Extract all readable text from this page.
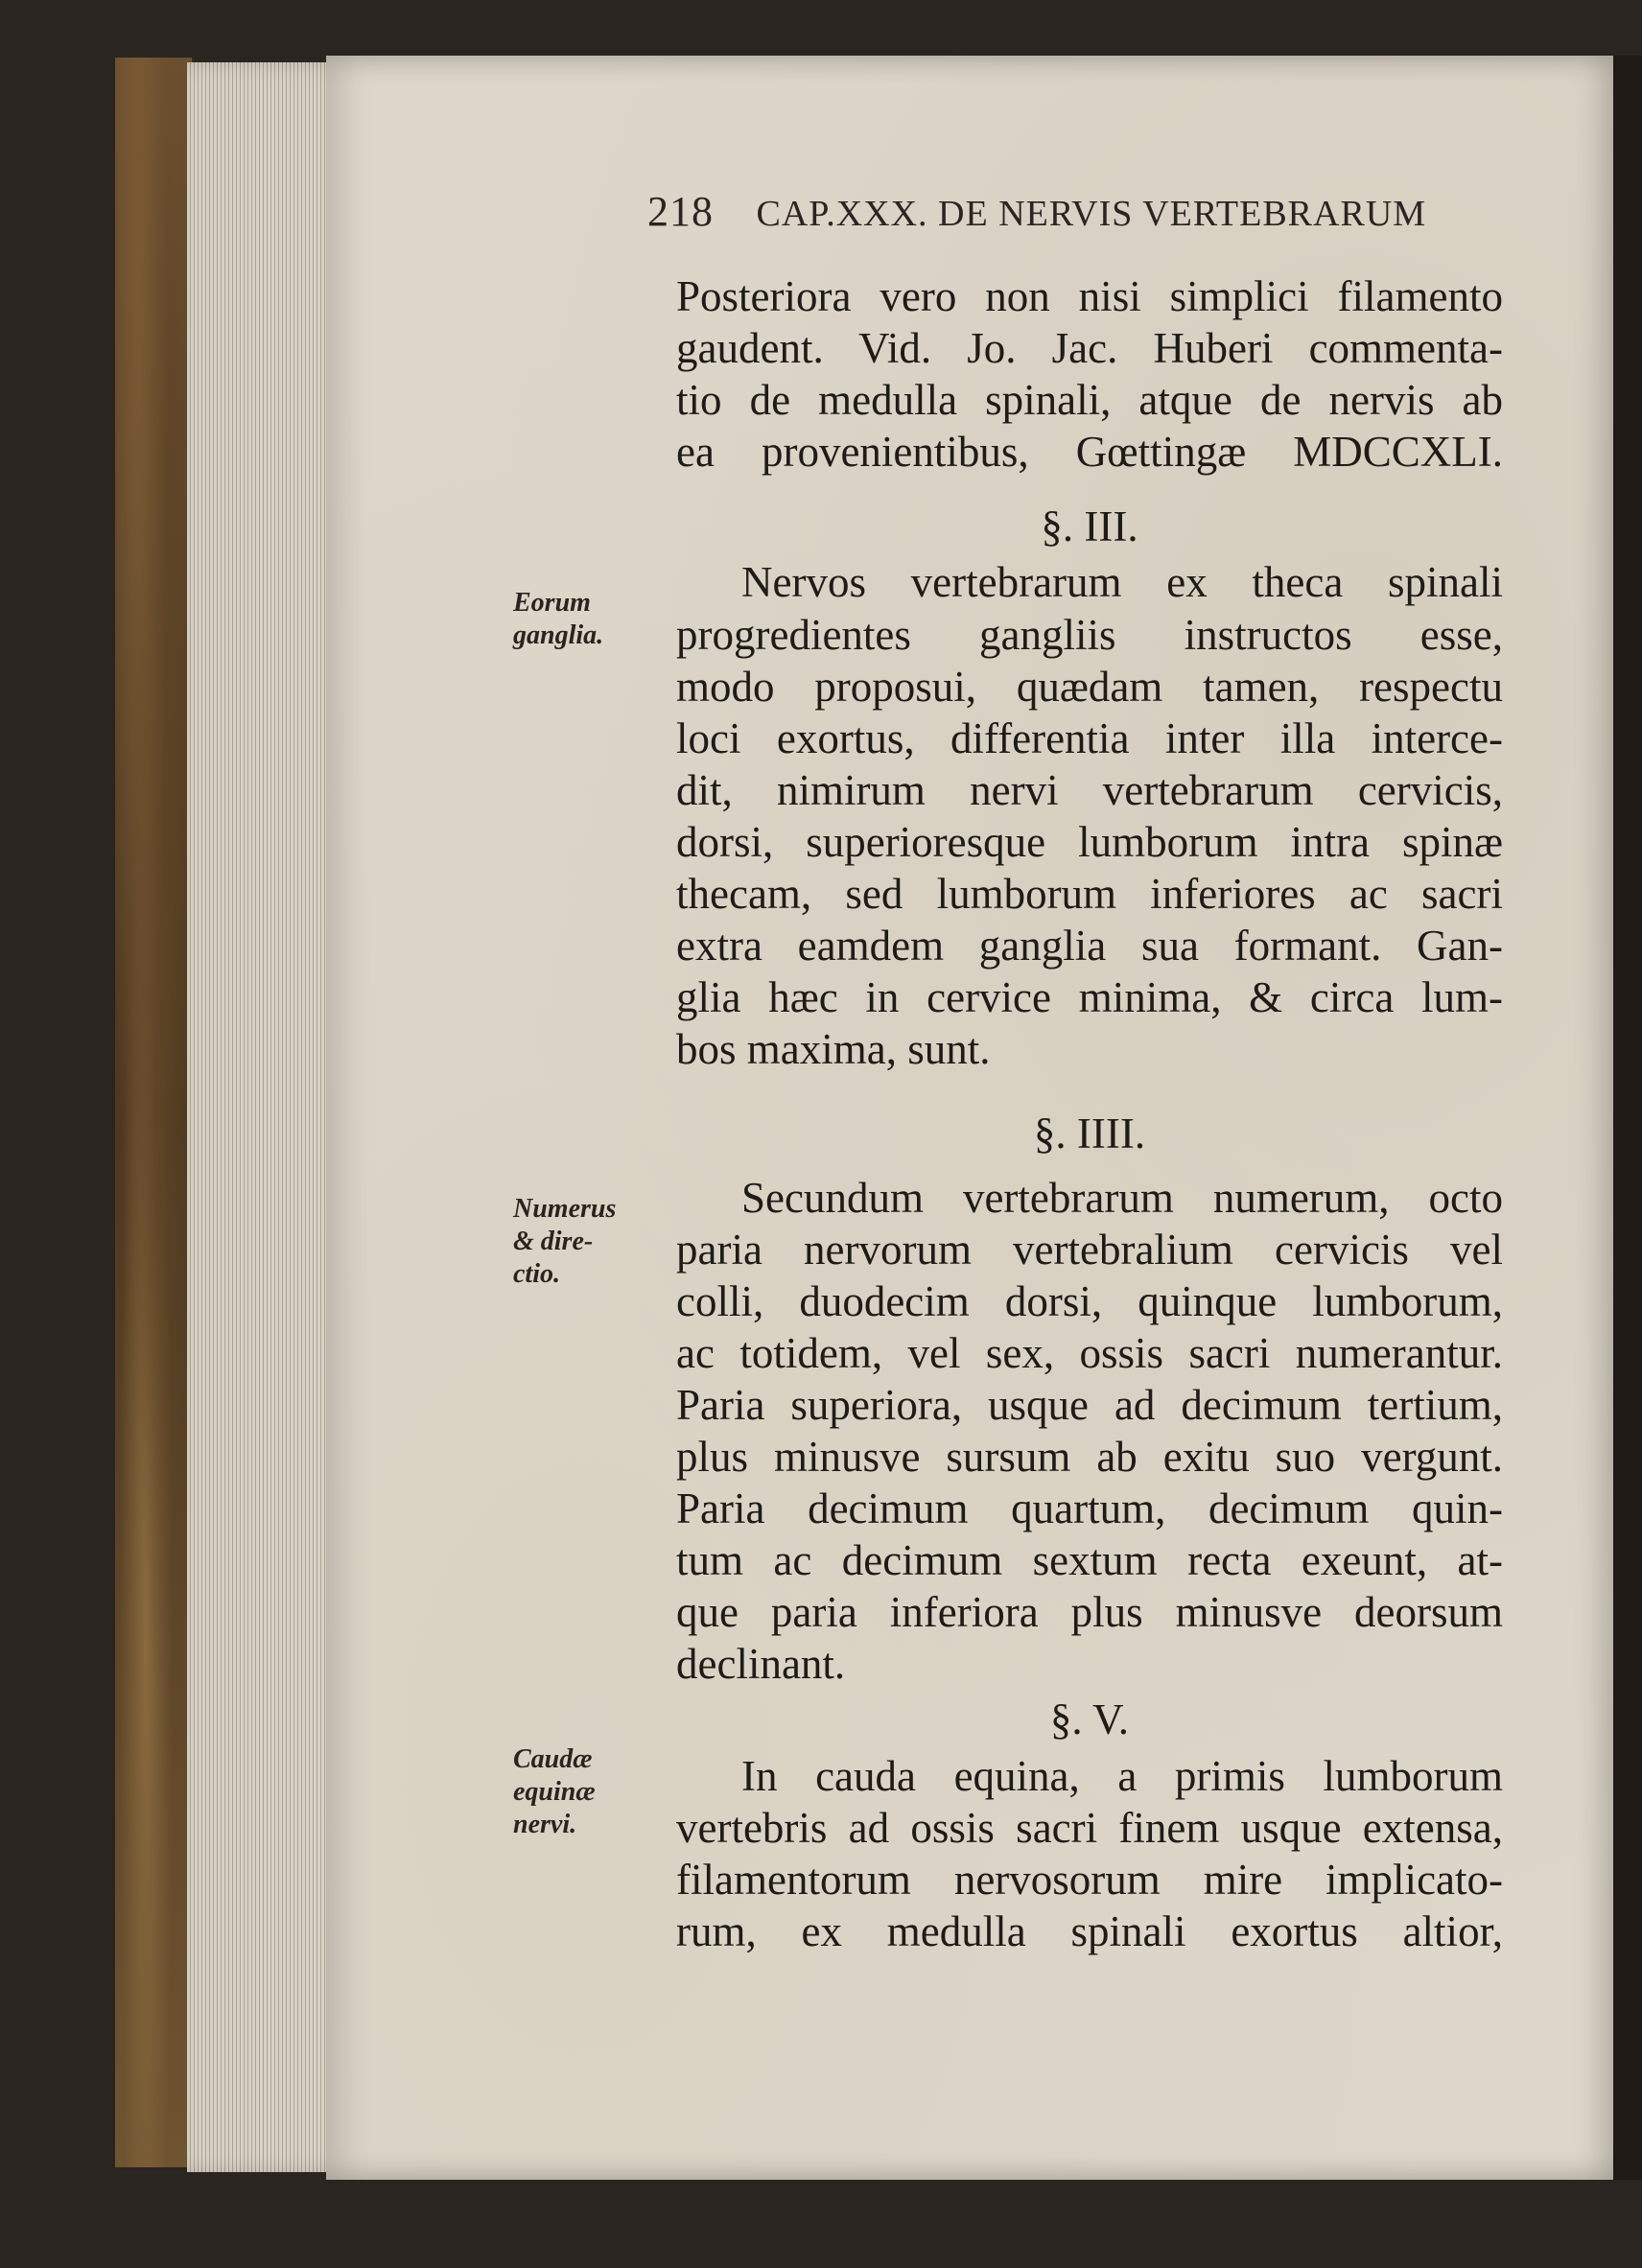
218 CAP.XXX. DE NERVIS VERTEBRARUM
Eorum
ganglia.
Numerus
& dire-
ctio.
Caudæ
equinæ
nervi.
Posteriora vero non nisi simplici filamento
gaudent. Vid. Jo. Jac. Huberi commenta-
tio de medulla spinali, atque de nervis ab
ea provenientibus, Gœttingæ MDCCXLI.
§. III.
Nervos vertebrarum ex theca spinali
progredientes gangliis instructos esse,
modo proposui, quædam tamen, respectu
loci exortus, differentia inter illa interce-
dit, nimirum nervi vertebrarum cervicis,
dorsi, superioresque lumborum intra spinæ
thecam, sed lumborum inferiores ac sacri
extra eamdem ganglia sua formant. Gan-
glia hæc in cervice minima, & circa lum-
bos maxima, sunt.
§. IIII.
Secundum vertebrarum numerum, octo
paria nervorum vertebralium cervicis vel
colli, duodecim dorsi, quinque lumborum,
ac totidem, vel sex, ossis sacri numerantur.
Paria superiora, usque ad decimum tertium,
plus minusve sursum ab exitu suo vergunt.
Paria decimum quartum, decimum quin-
tum ac decimum sextum recta exeunt, at-
que paria inferiora plus minusve deorsum
declinant.
§. V.
In cauda equina, a primis lumborum
vertebris ad ossis sacri finem usque extensa,
filamentorum nervosorum mire implicato-
rum, ex medulla spinali exortus altior,
